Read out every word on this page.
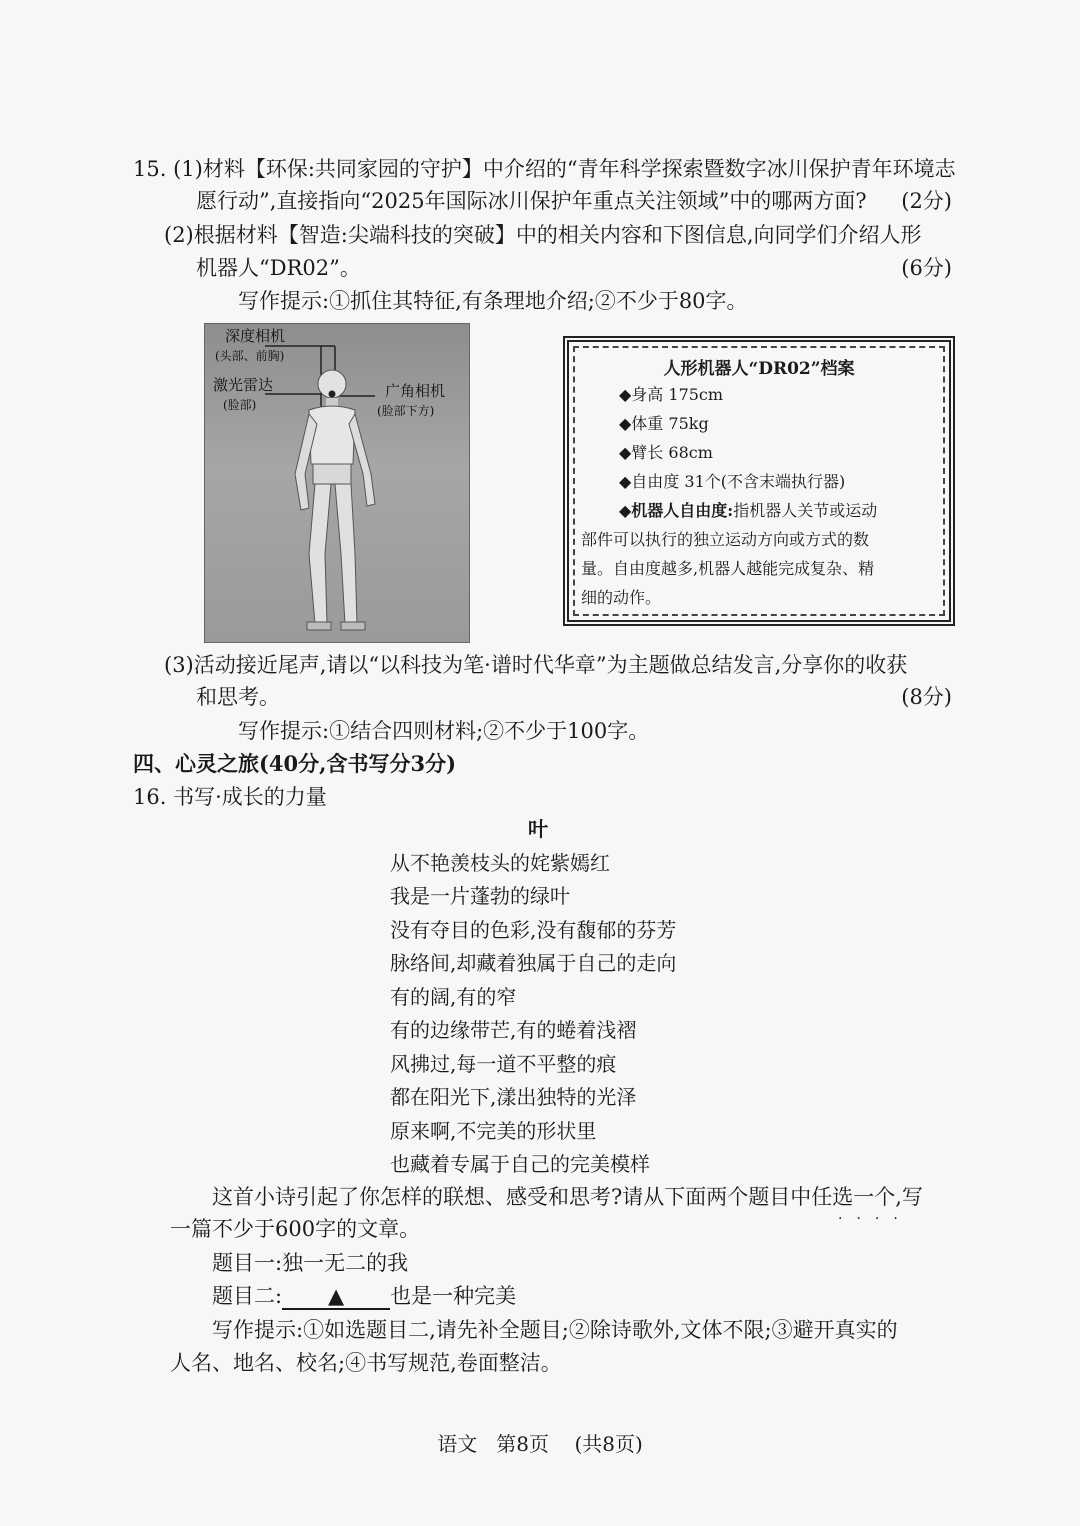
15. (1)材料【环保:共同家园的守护】中介绍的“青年科学探索暨数字冰川保护青年环境志
愿行动”,直接指向“2025年国际冰川保护年重点关注领域”中的哪两方面? (2分)
(2)根据材料【智造:尖端科技的突破】中的相关内容和下图信息,向同学们介绍人形
机器人“DR02”。	(6分)
写作提示:①抓住其特征,有条理地介绍;②不少于80字。
深度相机
(头部、前胸)
激光雷达
(脸部)
广角相机
(脸部下方)
人形机器人“DR02”档案
◆身高 175cm
◆体重 75kg
◆臂长 68cm
◆自由度 31个(不含末端执行器)
◆机器人自由度:指机器人关节或运动
部件可以执行的独立运动方向或方式的数
量。自由度越多,机器人越能完成复杂、精
细的动作。
(3)活动接近尾声,请以“以科技为笔·谱时代华章”为主题做总结发言,分享你的收获
和思考。	(8分)
写作提示:①结合四则材料;②不少于100字。
四、心灵之旅(40分,含书写分3分)
16. 书写·成长的力量
叶
从不艳羡枝头的姹紫嫣红
我是一片蓬勃的绿叶
没有夺目的色彩,没有馥郁的芬芳
脉络间,却藏着独属于自己的走向
有的阔,有的窄
有的边缘带芒,有的蜷着浅褶
风拂过,每一道不平整的痕
都在阳光下,漾出独特的光泽
原来啊,不完美的形状里
也藏着专属于自己的完美模样
这首小诗引起了你怎样的联想、感受和思考?请从下面两个题目中任选一个,写
····
一篇不少于600字的文章。
题目一:独一无二的我
题目二: ▲ 也是一种完美
写作提示:①如选题目二,请先补全题目;②除诗歌外,文体不限;③避开真实的
人名、地名、校名;④书写规范,卷面整洁。
语文   第8页    (共8页)
